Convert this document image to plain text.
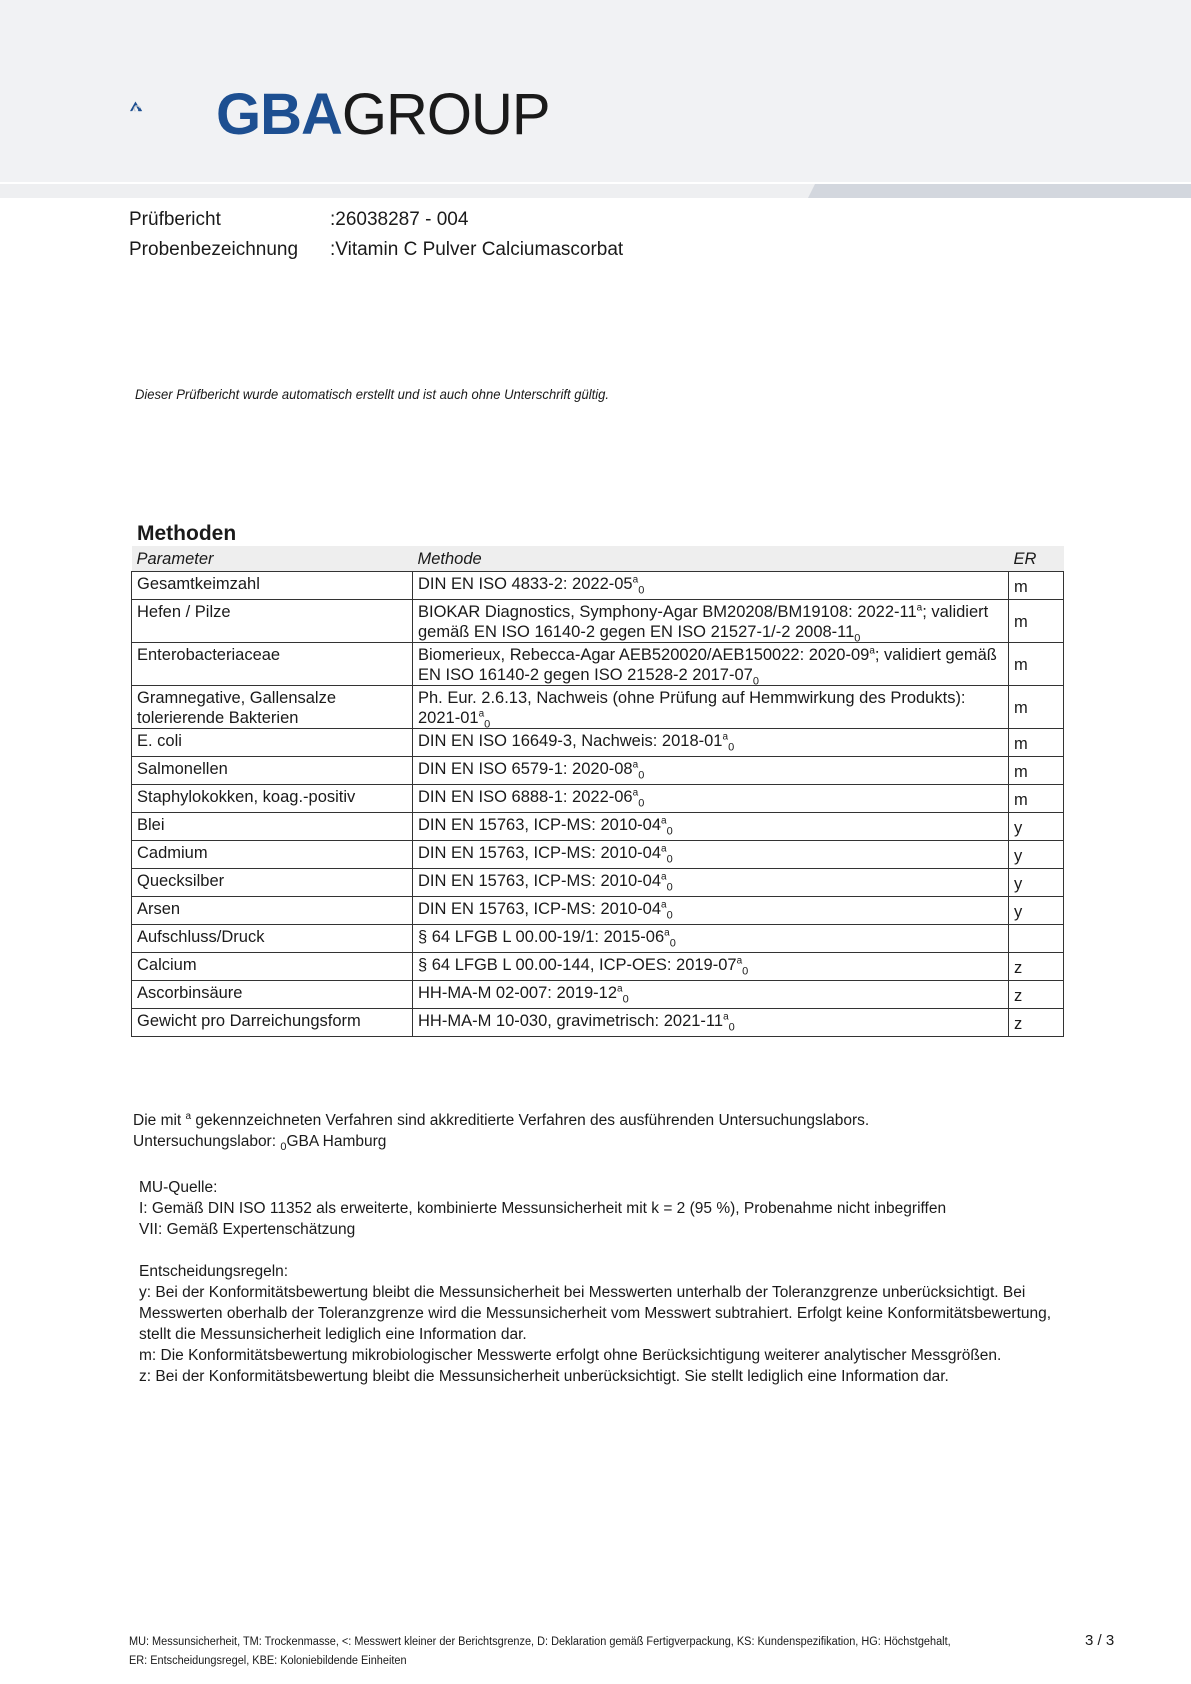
GBAGROUP
Prüfbericht	:26038287 - 004
Probenbezeichnung :Vitamin C Pulver Calciumascorbat
Dieser Prüfbericht wurde automatisch erstellt und ist auch ohne Unterschrift gültig.
Methoden
Parameter	Methode	ER
Gesamtkeimzahl	DIN EN ISO 4833-2: $2022-05^a_0$	m
Hefen / Pilze	BIOKAR Diagnostics, Symphony-Agar BM20208/BM19108: 2022-11$^a$; validiert gemäß EN ISO 16140-2 gegen EN ISO 21527-1/-2 $2008-11_0$	m
Enterobacteriaceae	Biomerieux, Rebecca-Agar AEB520020/AEB150022: 2020-09$^a$; validiert gemäß EN ISO 16140-2 gegen ISO 21528-2 $2017-07_0$	m
Gramnegative, Gallensalze tolerierende Bakterien	Ph. Eur. 2.6.13, Nachweis (ohne Prüfung auf Hemmwirkung des Produkts): $2021-01^a_0$	m
E. coli	DIN EN ISO 16649-3, Nachweis: $2018-01^a_0$	m
Salmonellen	DIN EN ISO 6579-1: $2020-08^a_0$	m
Staphylokokken, koag.-positiv	DIN EN ISO 6888-1: $2022-06^a_0$	m
Blei	DIN EN 15763, ICP-MS: $2010-04^a_0$	y
Cadmium	DIN EN 15763, ICP-MS: $2010-04^a_0$	y
Quecksilber	DIN EN 15763, ICP-MS: $2010-04^a_0$	y
Arsen	DIN EN 15763, ICP-MS: $2010-04^a_0$	y
Aufschluss/Druck	§ 64 LFGB L 00.00-19/1: $2015-06^a_0$	
Calcium	§ 64 LFGB L 00.00-144, ICP-OES: $2019-07^a_0$	z
Ascorbinsäure	HH-MA-M 02-007: $2019-12^a_0$	z
Gewicht pro Darreichungsform	HH-MA-M 10-030, gravimetrisch: $2021-11^a_0$	z
Die mit $^a$ gekennzeichneten Verfahren sind akkreditierte Verfahren des ausführenden Untersuchungslabors.
Untersuchungslabor: $_0$GBA Hamburg
MU-Quelle:
I: Gemäß DIN ISO 11352 als erweiterte, kombinierte Messunsicherheit mit k = 2 (95 %), Probenahme nicht inbegriffen
VII: Gemäß Expertenschätzung
Entscheidungsregeln:
y: Bei der Konformitätsbewertung bleibt die Messunsicherheit bei Messwerten unterhalb der Toleranzgrenze unberücksichtigt. Bei Messwerten oberhalb der Toleranzgrenze wird die Messunsicherheit vom Messwert subtrahiert. Erfolgt keine Konformitätsbewertung, stellt die Messunsicherheit lediglich eine Information dar.
m: Die Konformitätsbewertung mikrobiologischer Messwerte erfolgt ohne Berücksichtigung weiterer analytischer Messgrößen.
z: Bei der Konformitätsbewertung bleibt die Messunsicherheit unberücksichtigt. Sie stellt lediglich eine Information dar.
MU: Messunsicherheit, TM: Trockenmasse, <: Messwert kleiner der Berichtsgrenze, D: Deklaration gemäß Fertigverpackung, KS: Kundenspezifikation, HG: Höchstgehalt,
ER: Entscheidungsregel, KBE: Koloniebildende Einheiten
3 / 3
